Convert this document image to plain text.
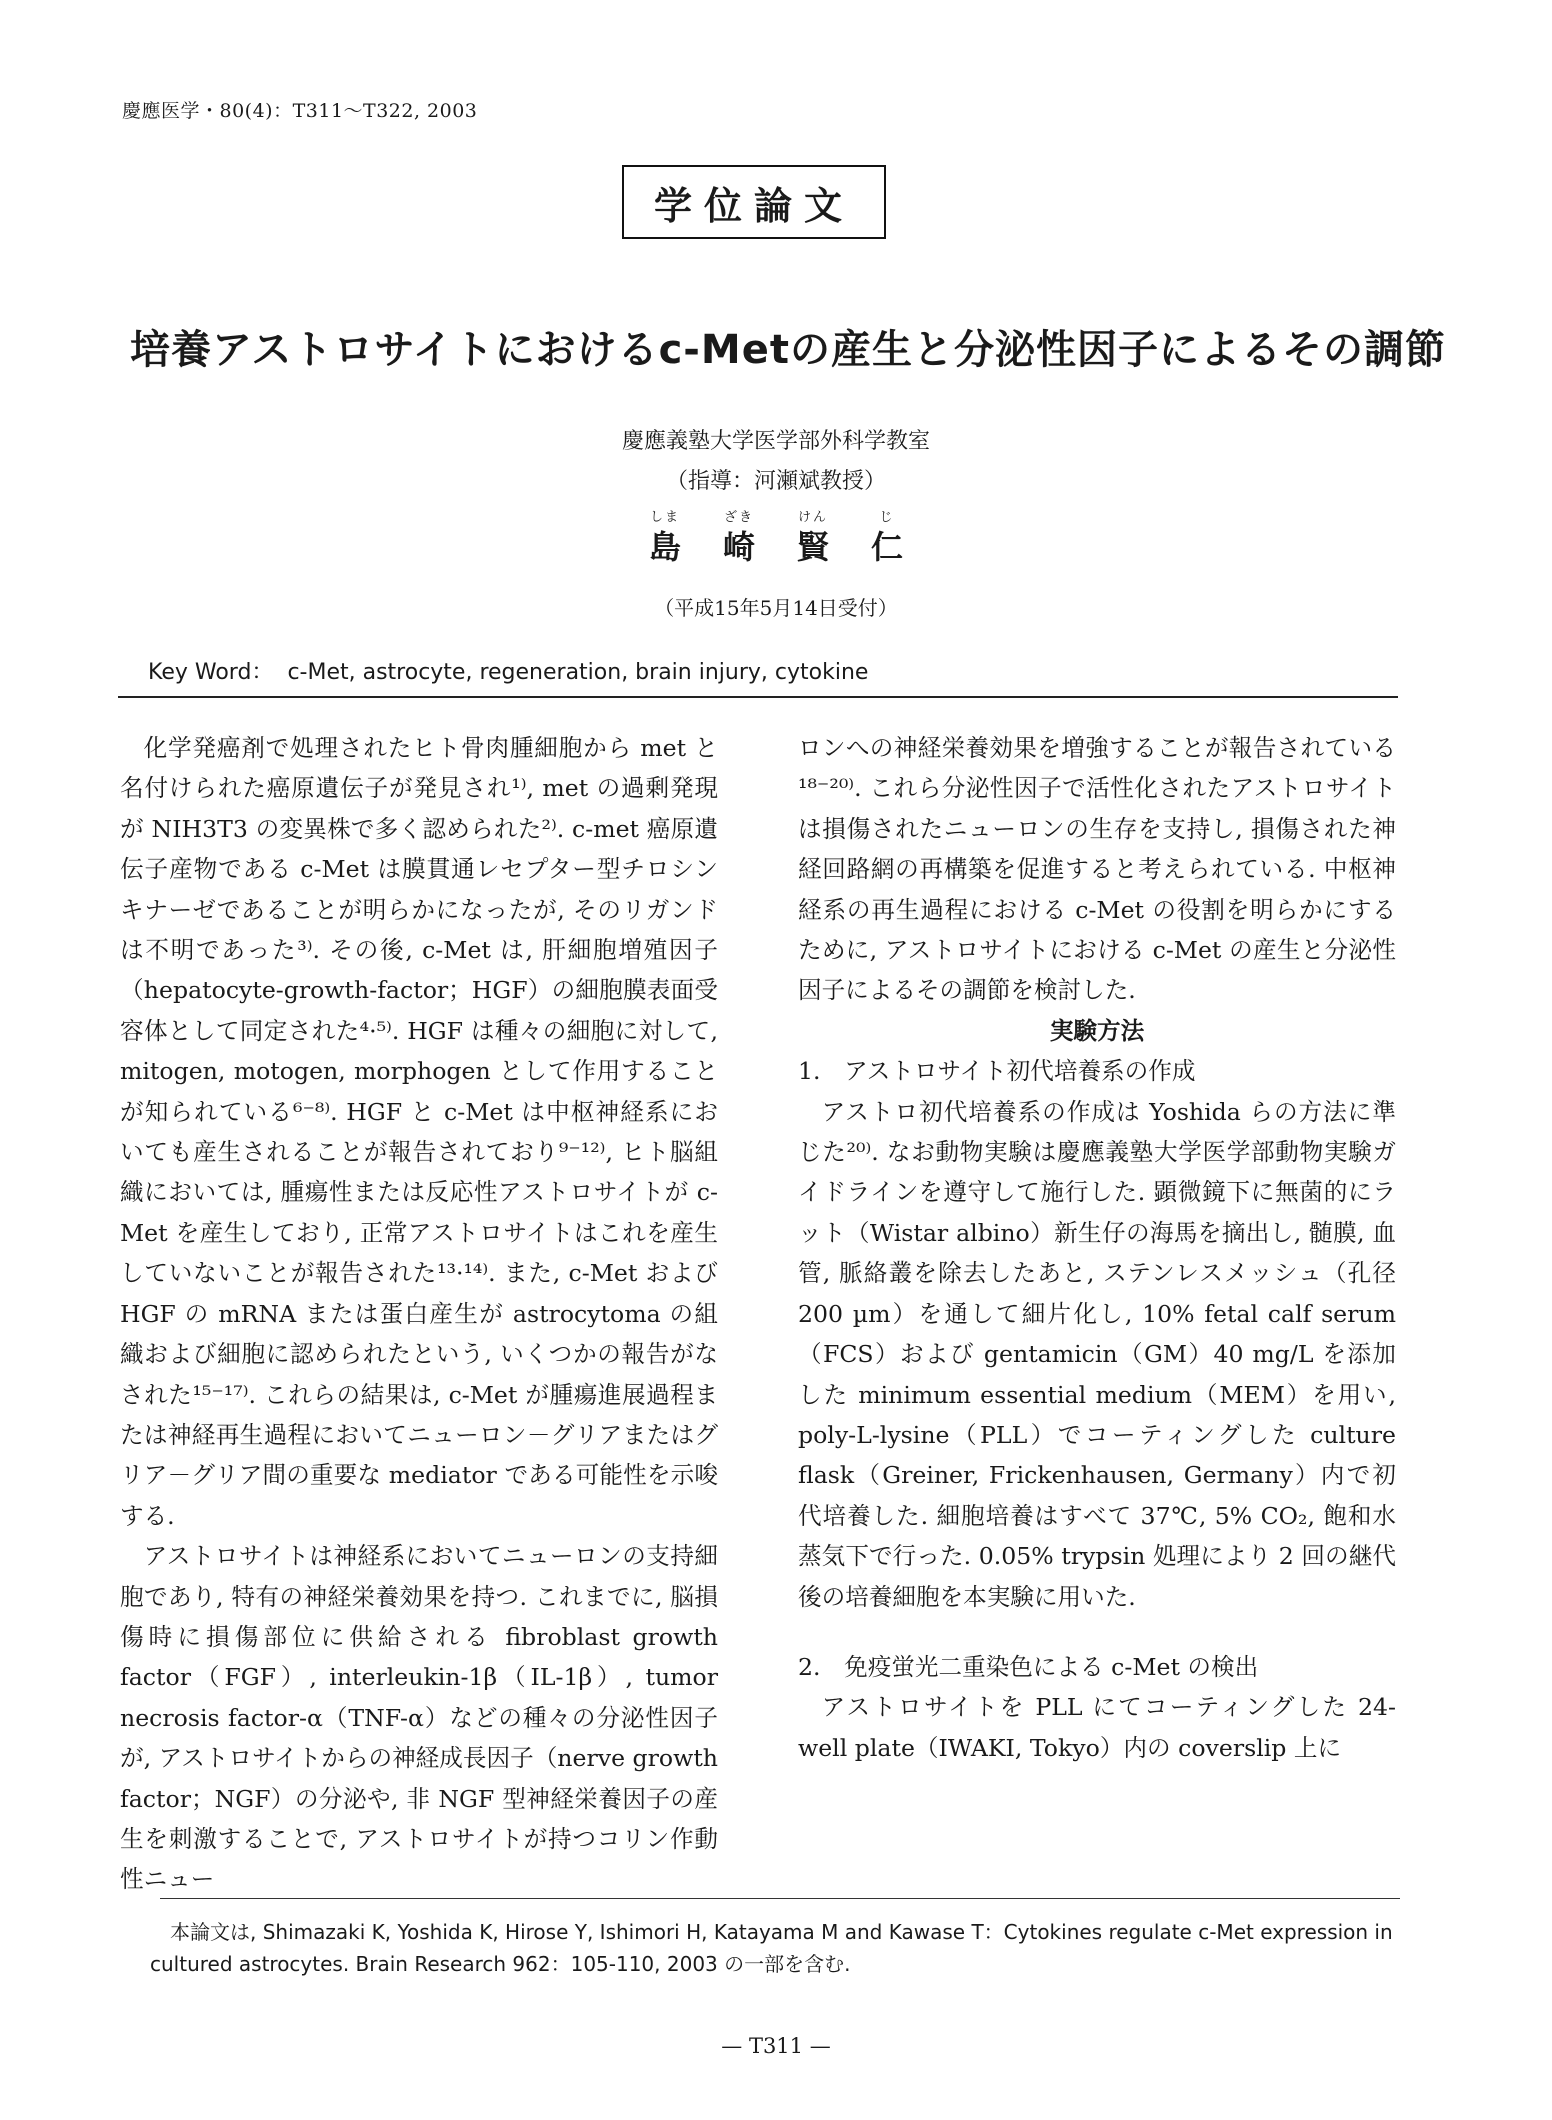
慶應医学・80(4)：T311〜T322, 2003
学位論文
培養アストロサイトにおけるc-Metの産生と分泌性因子によるその調節
慶應義塾大学医学部外科学教室
（指導：河瀬斌教授）
しま	ざき	けん	じ
島 崎 賢 仁
（平成15年5月14日受付）
Key Word： c-Met, astrocyte, regeneration, brain injury, cytokine

化学発癌剤で処理されたヒト骨肉腫細胞から met と名付けられた癌原遺伝子が発見され¹⁾, met の過剰発現が NIH3T3 の変異株で多く認められた²⁾. c-met 癌原遺伝子産物である c-Met は膜貫通レセプター型チロシンキナーゼであることが明らかになったが, そのリガンドは不明であった³⁾. その後, c-Met は, 肝細胞増殖因子（hepatocyte-growth-factor；HGF）の細胞膜表面受容体として同定された⁴·⁵⁾. HGF は種々の細胞に対して, mitogen, motogen, morphogen として作用することが知られている⁶⁻⁸⁾. HGF と c-Met は中枢神経系においても産生されることが報告されており⁹⁻¹²⁾, ヒト脳組織においては, 腫瘍性または反応性アストロサイトが c-Met を産生しており, 正常アストロサイトはこれを産生していないことが報告された¹³·¹⁴⁾. また, c-Met および HGF の mRNA または蛋白産生が astrocytoma の組織および細胞に認められたという, いくつかの報告がなされた¹⁵⁻¹⁷⁾. これらの結果は, c-Met が腫瘍進展過程または神経再生過程においてニューロン－グリアまたはグリア－グリア間の重要な mediator である可能性を示唆する.

アストロサイトは神経系においてニューロンの支持細胞であり, 特有の神経栄養効果を持つ. これまでに, 脳損傷時に損傷部位に供給される fibroblast growth factor（FGF）, interleukin-1β（IL-1β）, tumor necrosis factor-α（TNF-α）などの種々の分泌性因子が, アストロサイトからの神経成長因子（nerve growth factor；NGF）の分泌や, 非 NGF 型神経栄養因子の産生を刺激することで, アストロサイトが持つコリン作動性ニュー

ロンへの神経栄養効果を増強することが報告されている¹⁸⁻²⁰⁾. これら分泌性因子で活性化されたアストロサイトは損傷されたニューロンの生存を支持し, 損傷された神経回路網の再構築を促進すると考えられている. 中枢神経系の再生過程における c-Met の役割を明らかにするために, アストロサイトにおける c-Met の産生と分泌性因子によるその調節を検討した.

実験方法

1.　アストロサイト初代培養系の作成

アストロ初代培養系の作成は Yoshida らの方法に準じた²⁰⁾. なお動物実験は慶應義塾大学医学部動物実験ガイドラインを遵守して施行した. 顕微鏡下に無菌的にラット（Wistar albino）新生仔の海馬を摘出し, 髄膜, 血管, 脈絡叢を除去したあと, ステンレスメッシュ（孔径 200 µm）を通して細片化し, 10% fetal calf serum（FCS）および gentamicin（GM）40 mg/L を添加した minimum essential medium（MEM）を用い, poly-L-lysine（PLL）でコーティングした culture flask（Greiner, Frickenhausen, Germany）内で初代培養した. 細胞培養はすべて 37℃, 5% CO₂, 飽和水蒸気下で行った. 0.05% trypsin 処理により 2 回の継代後の培養細胞を本実験に用いた.

2.　免疫蛍光二重染色による c-Met の検出

アストロサイトを PLL にてコーティングした 24-well plate（IWAKI, Tokyo）内の coverslip 上に

本論文は, Shimazaki K, Yoshida K, Hirose Y, Ishimori H, Katayama M and Kawase T：Cytokines regulate c-Met expression in cultured astrocytes. Brain Research 962：105-110, 2003 の一部を含む.
— T311 —
